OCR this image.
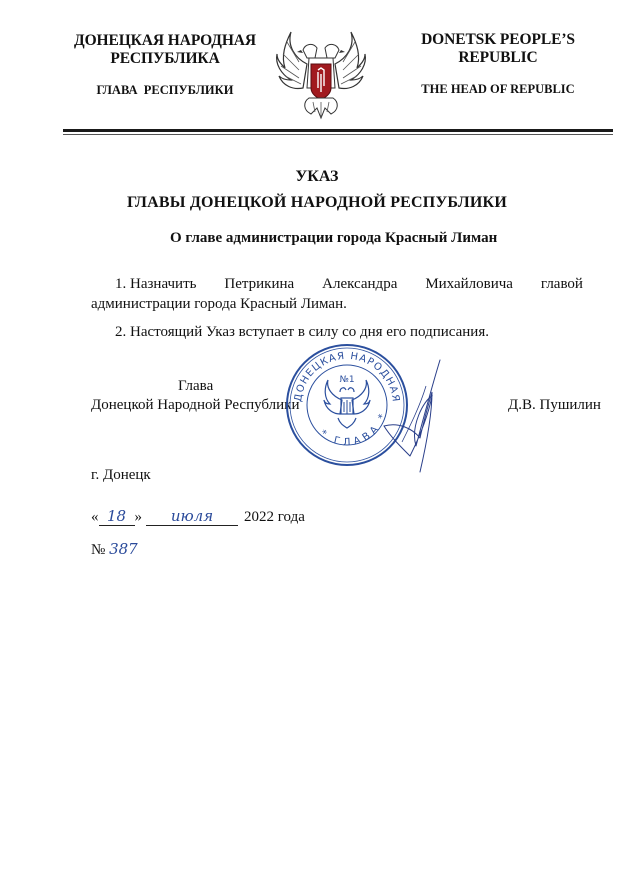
ДОНЕЦКАЯ НАРОДНАЯ
РЕСПУБЛИКА
ГЛАВА  РЕСПУБЛИКИ
DONETSK PEOPLE’S
REPUBLIC
THE HEAD OF REPUBLIC
УКАЗ
ГЛАВЫ ДОНЕЦКОЙ НАРОДНОЙ РЕСПУБЛИКИ
О главе администрации города Красный Лиман
1. Назначить Петрикина Александра Михайловича главой
администрации города Красный Лиман.
2. Настоящий Указ вступает в силу со дня его подписания.
Глава
Донецкой Народной Республики	Д.В. Пушилин
ДОНЕЦКАЯ НАРОДНАЯ
* ГЛАВА *
№1
г. Донецк
« 18 »	июля	2022 года
№ 387
